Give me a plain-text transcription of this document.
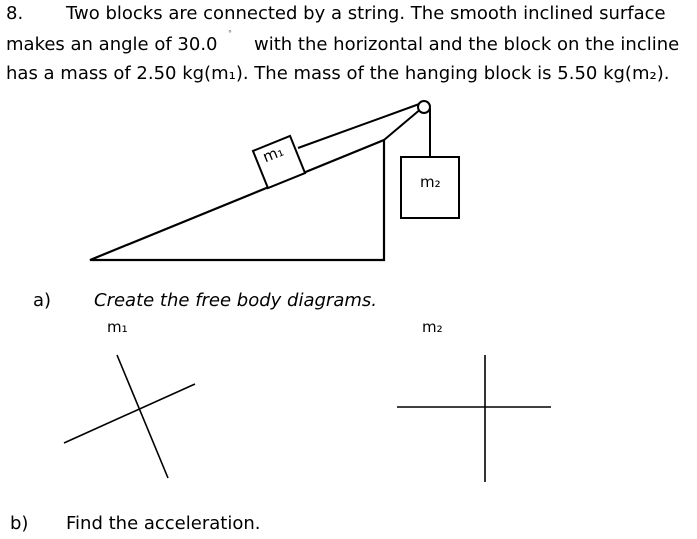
8. Two blocks are connected by a string. The smooth inclined surface
makes an angle of 30.0
°
with the horizontal and the block on the incline
has a mass of 2.50 kg(m₁). The mass of the hanging block is 5.50 kg(m₂).
m₁
m₂
a) Create the free body diagrams.
m₁	m₂
b) Find the acceleration.
